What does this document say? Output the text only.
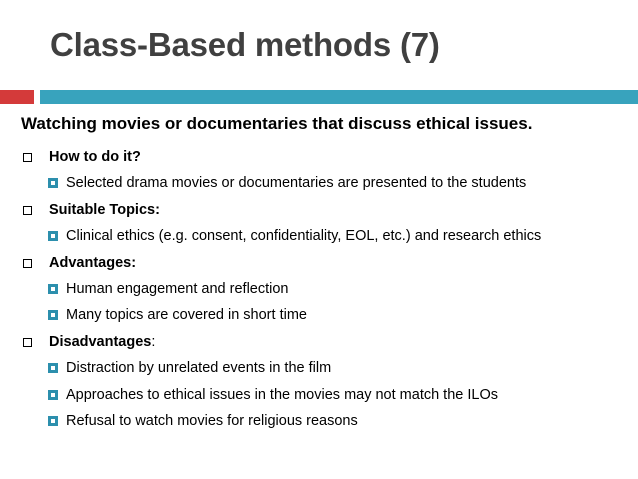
Class-Based methods (7)
Watching movies or documentaries that discuss ethical issues.
How to do it?
Selected drama movies or documentaries are presented to the students
Suitable Topics:
Clinical ethics (e.g. consent, confidentiality, EOL, etc.) and research ethics
Advantages:
Human engagement and reflection
Many topics are covered in short time
Disadvantages :
Distraction by unrelated events in the film
Approaches to ethical issues in the movies may not match the ILOs
Refusal to watch movies for religious reasons
